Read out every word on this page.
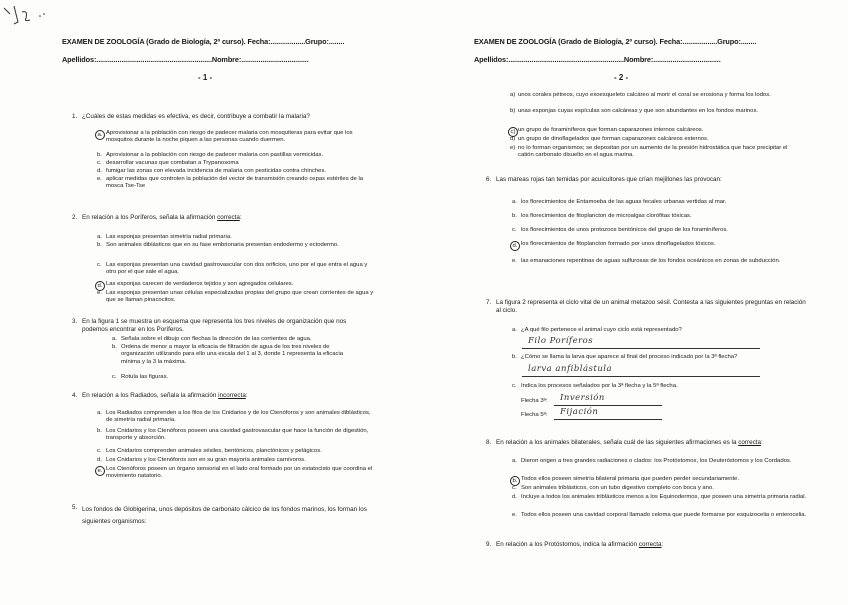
EXAMEN DE ZOOLOGÍA (Grado de Biología, 2º curso). Fecha:..................Grupo:........
Apellidos:............................................................Nombre:...................................
- 1 -
1. ¿Cuáles de estas medidas es efectiva, es decir, contribuye a combatir la malaria?
a. Aprovisionar a la población con riesgo de padecer malaria con mosquiteras para evitar que los mosquitos durante la noche piquen a las personas cuando duermen.
b. Aprovisionar a la población con riesgo de padecer malaria con pastillas vermicidas.
c. desarrollar vacunas que combatan a Trypanosoma
d. fumigar las zonas con elevada incidencia de malaria con pesticidas contra chinches.
e. aplicar medidas que controlen la población del vector de transmisión creando cepas estériles de la mosca Tse-Tse
2. En relación a los Poríferos, señala la afirmación correcta:
a. Las esponjas presentan simetría radial primaria.
b. Son animales diblásticos que en su fase embrionaria presentan endodermo y ectodermo.
c. Las esponjas presentan una cavidad gastrovascular con dos orificios, uno por el que entra el agua y otro por el que sale el agua.
d. Las esponjas carecen de verdaderos tejidos y son agregados celulares.
e. Las esponjas presentan unas células especializadas propias del grupo que crean corrientes de agua y que se llaman pinacocitos.
3. En la figura 1 se muestra un esquema que representa los tres niveles de organización que nos podemos encontrar en los Poríferos.
a. Señala sobre el dibujo con flechas la dirección de las corrientes de agua.
b. Ordena de menor a mayor la eficacia de filtración de agua de los tres niveles de organización utilizando para ello una escala del 1 al 3, donde 1 representa la eficacia mínima y la 3 la máxima.
c. Rotula las figuras.
4. En relación a los Radiados, señala la afirmación incorrecta:
a. Los Radiados comprenden a los filos de los Cnidarios y de los Ctenóforos y son animales diblásticos, de simetría radial primaria.
b. Los Cnidarios y los Ctenóforos poseen una cavidad gastrovascular que hace la función de digestión, transporte y absorción.
c. Los Cnidarios comprenden animales sésiles, bentónicos, planctónicos y pelágicos.
d. Los Cnidarios y los Ctenóforos son en su gran mayoría animales carnívoros.
e. Los Ctenóforos poseen un órgano sensorial en el lado oral formado por un estatocisto que coordina el movimiento natatorio.
5. Los fondos de Globigerina, unos depósitos de carbonato cálcico de los fondos marinos, los forman los siguientes organismos:
EXAMEN DE ZOOLOGÍA (Grado de Biología, 2º curso). Fecha:..................Grupo:........
Apellidos:............................................................Nombre:...................................
- 2 -
a) unos corales pétreos, cuyo exoesqueleto calcáreo al morir el coral se erosiona y forma los lodos.
b) unas esponjas cuyas espículas son calcáreas y que son abundantes en los fondos marinos.
c) un grupo de foraminíferos que forman caparazones internos calcáreos.
d) un grupo de dinoflagelados que forman caparazones calcáreos externos.
e) no lo forman organismos; se depositan por un aumento de la presión hidrostática que hace precipitar el catión carbonato disuelto en el agua marina.
6. Las mareas rojas tan temidas por acuicultores que crían mejillones las provocan:
a. los florecimientos de Entamoeba de las aguas fecales urbanas vertidas al mar.
b. los florecimientos de fitoplancton de microalgas clorófitas tóxicas.
c. los florecimientos de unos protozoos bentónicos del grupo de los foraminíferos.
d. los florecimientos de fitoplancton formado por unos dinoflagelados tóxicos.
e. las emanaciones repentinas de aguas sulfurosas de los fondos oceánicos en zonas de subducción.
7. La figura 2 representa el ciclo vital de un animal metazoo sésil. Contesta a las siguientes preguntas en relación al ciclo.
a. ¿A qué filo pertenece el animal cuyo ciclo está representado?
Filo Poríferos
b. ¿Cómo se llama la larva que aparece al final del proceso indicado por la 3ª flecha?
larva anfiblástula
c. Indica los procesos señalados por la 3ª flecha y la 5ª flecha.
Flecha 3ª: Inversión
Flecha 5ª: Fijación
8. En relación a los animales bilaterales, señala cuál de las siguientes afirmaciones es la correcta:
a. Dieron origen a tres grandes radiaciones o clados: los Protóstomos, los Deuteróstomos y los Cordados.
b. Todos ellos poseen simetría bilateral primaria que pueden perder secundariamente.
c. Son animales triblásticos, con un tubo digestivo completo con boca y ano.
d. Incluye a todos los animales triblásticos menos a los Equinodermos, que poseen una simetría primaria radial.
e. Todos ellos poseen una cavidad corporal llamado celoma que puede formarse por esquizocelia o enterocelia.
9. En relación a los Protóstomos, indica la afirmación correcta:
